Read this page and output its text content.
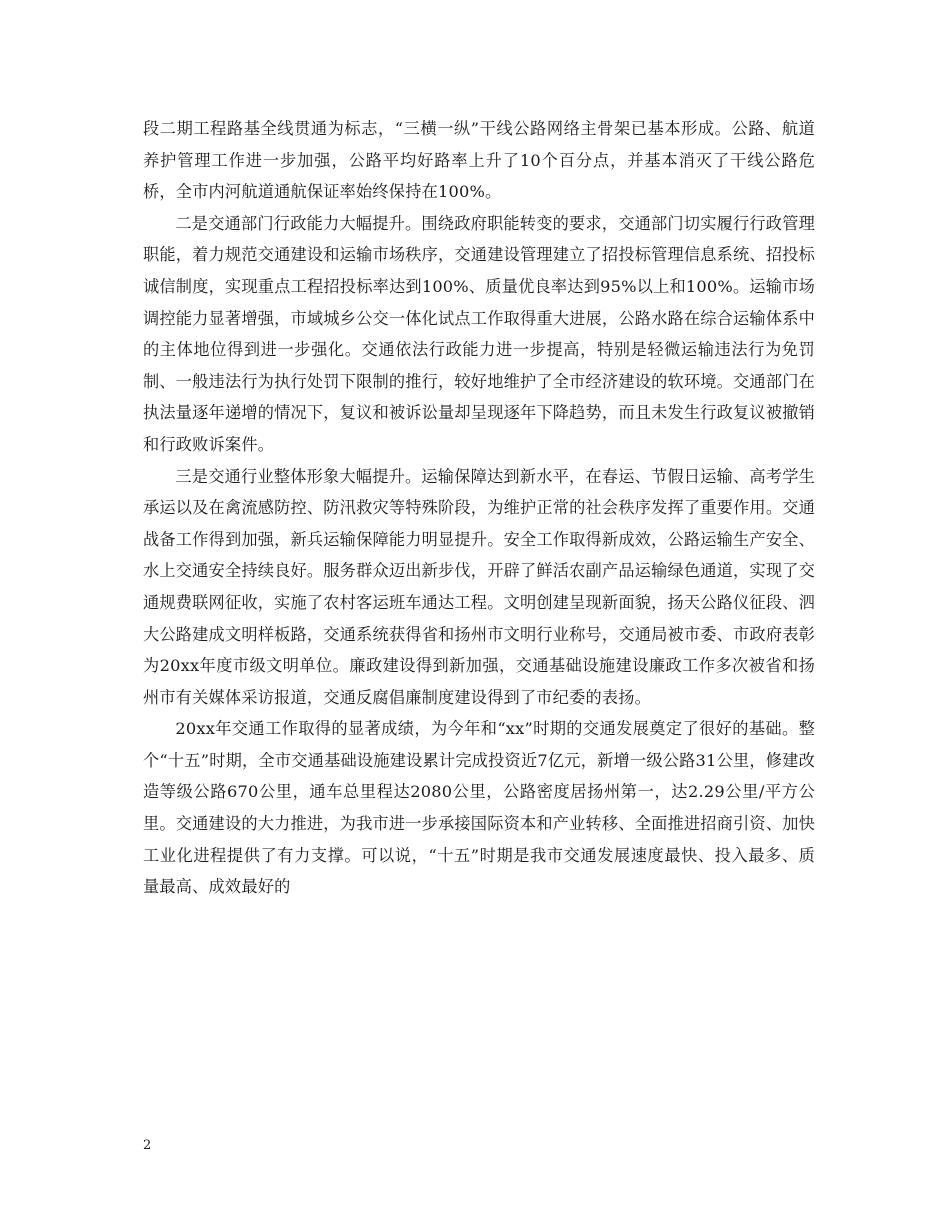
段二期工程路基全线贯通为标志，“三横一纵”干线公路网络主骨架已基本形成。公路、航道养护管理工作进一步加强，公路平均好路率上升了10个百分点，并基本消灭了干线公路危桥，全市内河航道通航保证率始终保持在100%。

二是交通部门行政能力大幅提升。围绕政府职能转变的要求，交通部门切实履行行政管理职能，着力规范交通建设和运输市场秩序，交通建设管理建立了招投标管理信息系统、招投标诚信制度，实现重点工程招投标率达到100%、质量优良率达到95%以上和100%。运输市场调控能力显著增强，市域城乡公交一体化试点工作取得重大进展，公路水路在综合运输体系中的主体地位得到进一步强化。交通依法行政能力进一步提高，特别是轻微运输违法行为免罚制、一般违法行为执行处罚下限制的推行，较好地维护了全市经济建设的软环境。交通部门在执法量逐年递增的情况下，复议和被诉讼量却呈现逐年下降趋势，而且未发生行政复议被撤销和行政败诉案件。

三是交通行业整体形象大幅提升。运输保障达到新水平，在春运、节假日运输、高考学生承运以及在禽流感防控、防汛救灾等特殊阶段，为维护正常的社会秩序发挥了重要作用。交通战备工作得到加强，新兵运输保障能力明显提升。安全工作取得新成效，公路运输生产安全、水上交通安全持续良好。服务群众迈出新步伐，开辟了鲜活农副产品运输绿色通道，实现了交通规费联网征收，实施了农村客运班车通达工程。文明创建呈现新面貌，扬天公路仪征段、泗大公路建成文明样板路，交通系统获得省和扬州市文明行业称号，交通局被市委、市政府表彰为20xx年度市级文明单位。廉政建设得到新加强，交通基础设施建设廉政工作多次被省和扬州市有关媒体采访报道，交通反腐倡廉制度建设得到了市纪委的表扬。

20xx年交通工作取得的显著成绩，为今年和“xx”时期的交通发展奠定了很好的基础。整个“十五”时期，全市交通基础设施建设累计完成投资近7亿元，新增一级公路31公里，修建改造等级公路670公里，通车总里程达2080公里，公路密度居扬州第一，达2.29公里/平方公里。交通建设的大力推进，为我市进一步承接国际资本和产业转移、全面推进招商引资、加快工业化进程提供了有力支撑。可以说，“十五”时期是我市交通发展速度最快、投入最多、质量最高、成效最好的

2
